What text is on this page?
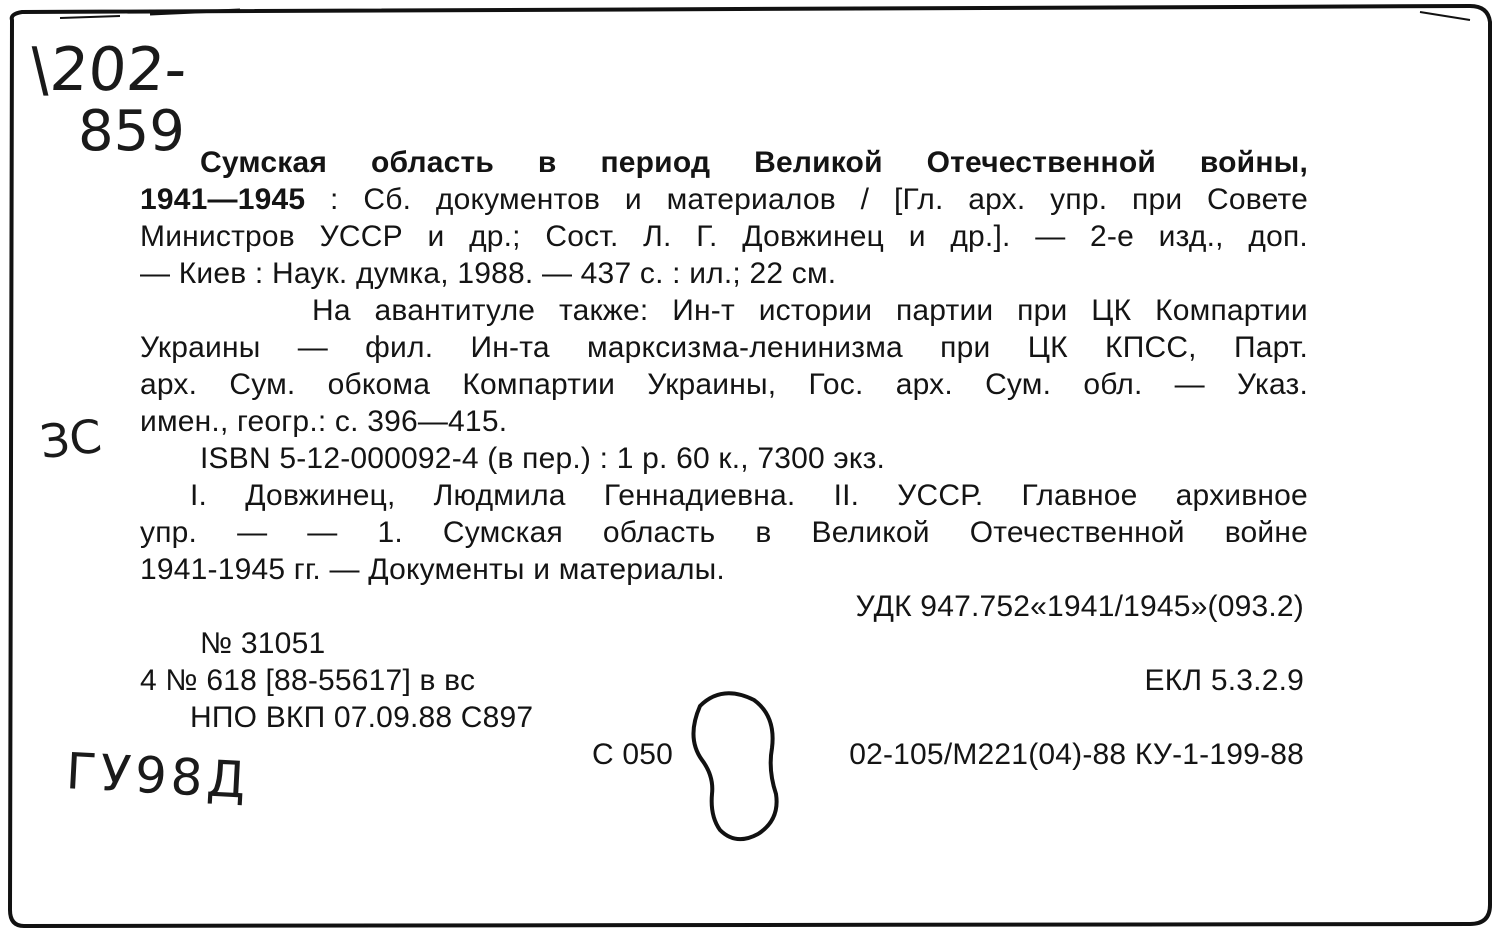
\202-
859
ЗС
ГУ98Д
Сумская область в период Великой Отечественной войны,
1941—1945 : Сб. документов и материалов / [Гл. арх. упр. при Совете
Министров УССР и др.; Сост. Л. Г. Довжинец и др.]. — 2-е изд., доп.
— Киев : Наук. думка, 1988. — 437 с. : ил.; 22 см.
На авантитуле также: Ин-т истории партии при ЦК Компартии
Украины — фил. Ин-та марксизма-ленинизма при ЦК КПСС, Парт.
арх. Сум. обкома Компартии Украины, Гос. арх. Сум. обл. — Указ.
имен., геогр.: с. 396—415.
ISBN 5-12-000092-4 (в пер.) : 1 р. 60 к., 7300 экз.
I. Довжинец, Людмила Геннадиевна. II. УССР. Главное архивное
упр. — — 1. Сумская область в Великой Отечественной войне
1941-1945 гг. — Документы и материалы.
УДК 947.752«1941/1945»(093.2)
№ 31051
4 № 618 [88-55617] в вс	ЕКЛ 5.3.2.9
НПО ВКП 07.09.88 С897
С 050	02-105/М221(04)-88 КУ-1-199-88
